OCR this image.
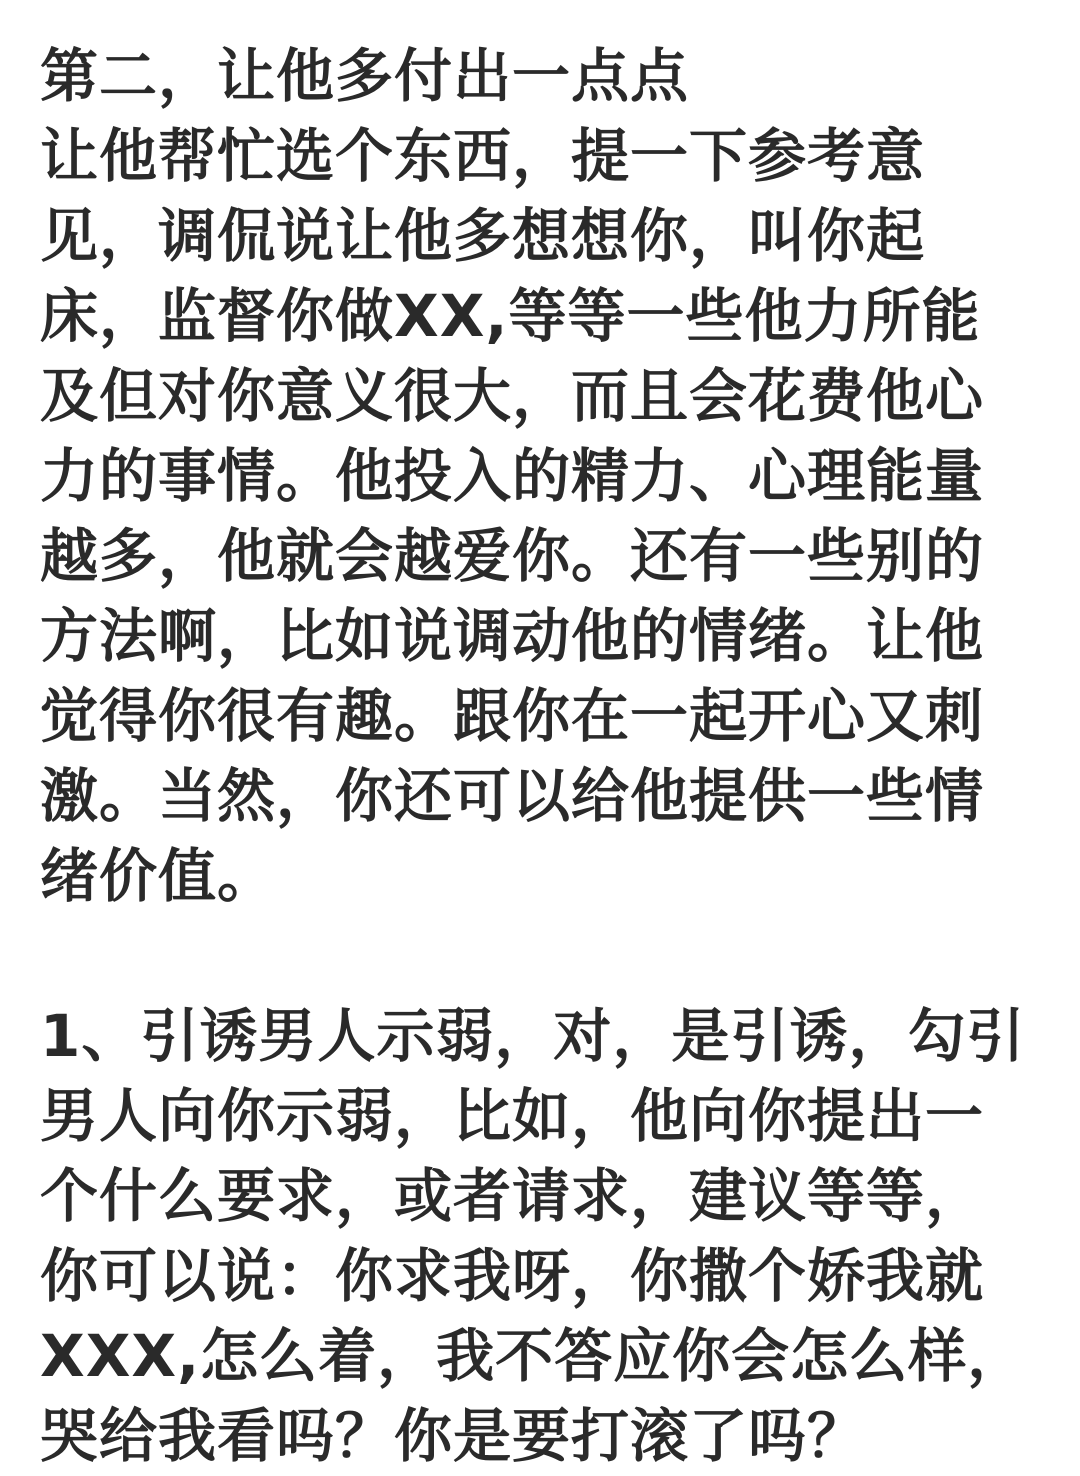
第二，让他多付出一点点
让他帮忙选个东西，提一下参考意
见，调侃说让他多想想你，叫你起
床，监督你做XX,等等一些他力所能
及但对你意义很大，而且会花费他心
力的事情。他投入的精力、心理能量
越多，他就会越爱你。还有一些别的
方法啊，比如说调动他的情绪。让他
觉得你很有趣。跟你在一起开心又刺
激。当然，你还可以给他提供一些情
绪价值。
1、引诱男人示弱，对，是引诱，勾引
男人向你示弱，比如，他向你提出一
个什么要求，或者请求，建议等等，
你可以说：你求我呀，你撒个娇我就
XXX,怎么着，我不答应你会怎么样，
哭给我看吗？你是要打滚了吗？
